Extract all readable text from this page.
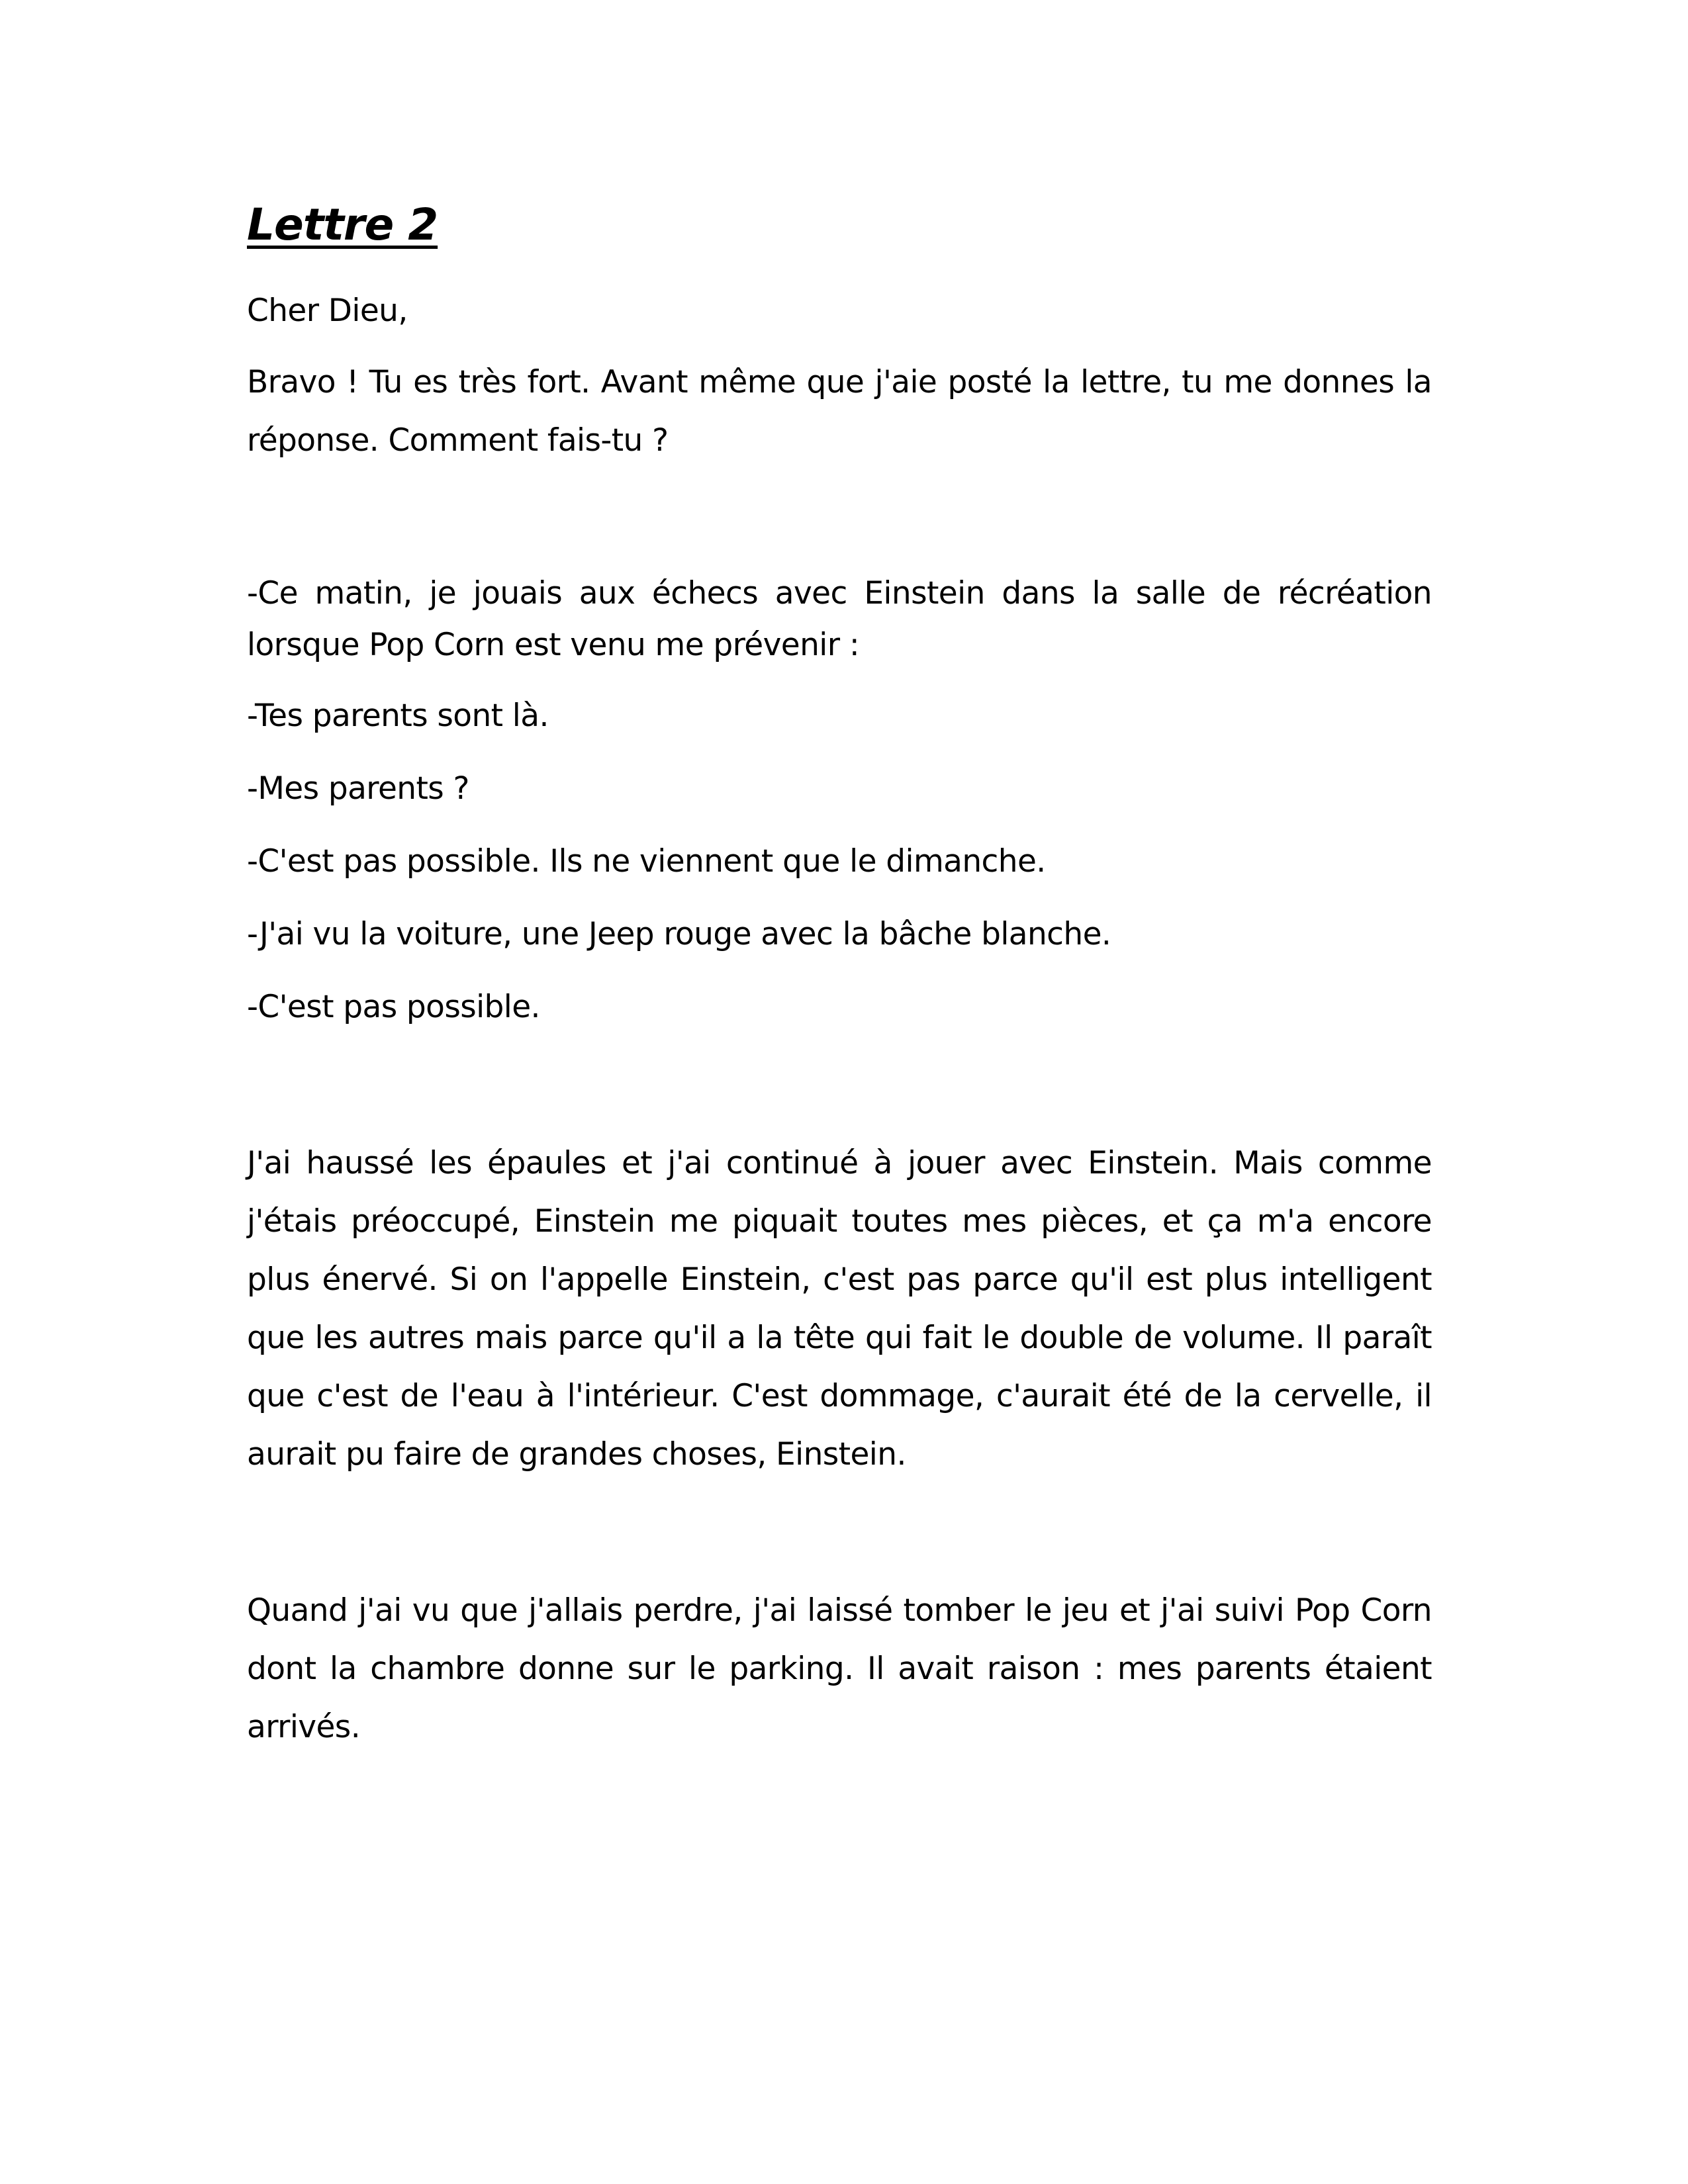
Lettre 2

Cher Dieu,

Bravo ! Tu es très fort. Avant même que j'aie posté la lettre, tu me donnes la réponse. Comment fais-tu ?

-Ce matin, je jouais aux échecs avec Einstein dans la salle de récréation lorsque Pop Corn est venu me prévenir :

-Tes parents sont là.

-Mes parents ?

-C'est pas possible. Ils ne viennent que le dimanche.

-J'ai vu la voiture, une Jeep rouge avec la bâche blanche.

-C'est pas possible.

J'ai haussé les épaules et j'ai continué à jouer avec Einstein. Mais comme j'étais préoccupé, Einstein me piquait toutes mes pièces, et ça m'a encore plus énervé. Si on l'appelle Einstein, c'est pas parce qu'il est plus intelligent que les autres mais parce qu'il a la tête qui fait le double de volume. Il paraît que c'est de l'eau à l'intérieur. C'est dommage, c'aurait été de la cervelle, il aurait pu faire de grandes choses, Einstein.

Quand j'ai vu que j'allais perdre, j'ai laissé tomber le jeu et j'ai suivi Pop Corn dont la chambre donne sur le parking. Il avait raison : mes parents étaient arrivés.
